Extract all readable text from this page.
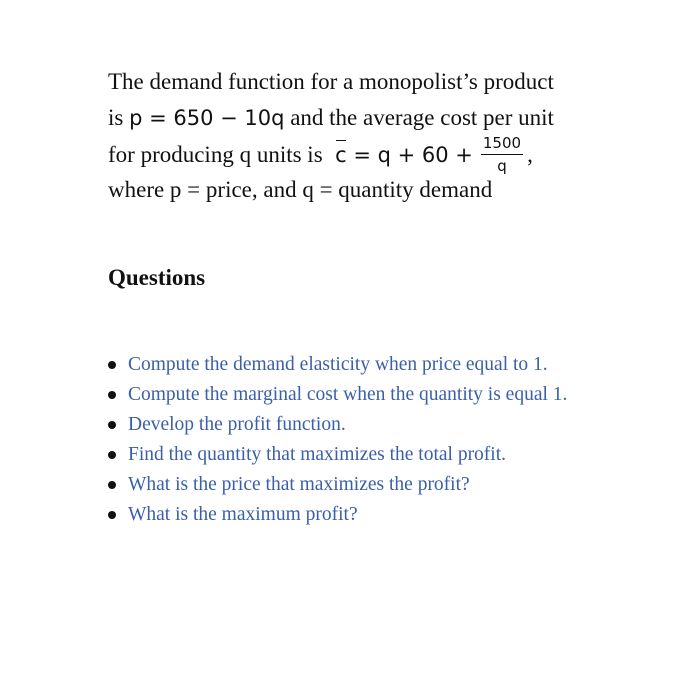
The demand function for a monopolist’s product
is p = 650 − 10q and the average cost per unit
for producing q units is $c = q + 60 + \frac{1500}{q}$ ,
where p = price, and q = quantity demand
Questions
Compute the demand elasticity when price equal to 1.
Compute the marginal cost when the quantity is equal 1.
Develop the profit function.
Find the quantity that maximizes the total profit.
What is the price that maximizes the profit?
What is the maximum profit?
